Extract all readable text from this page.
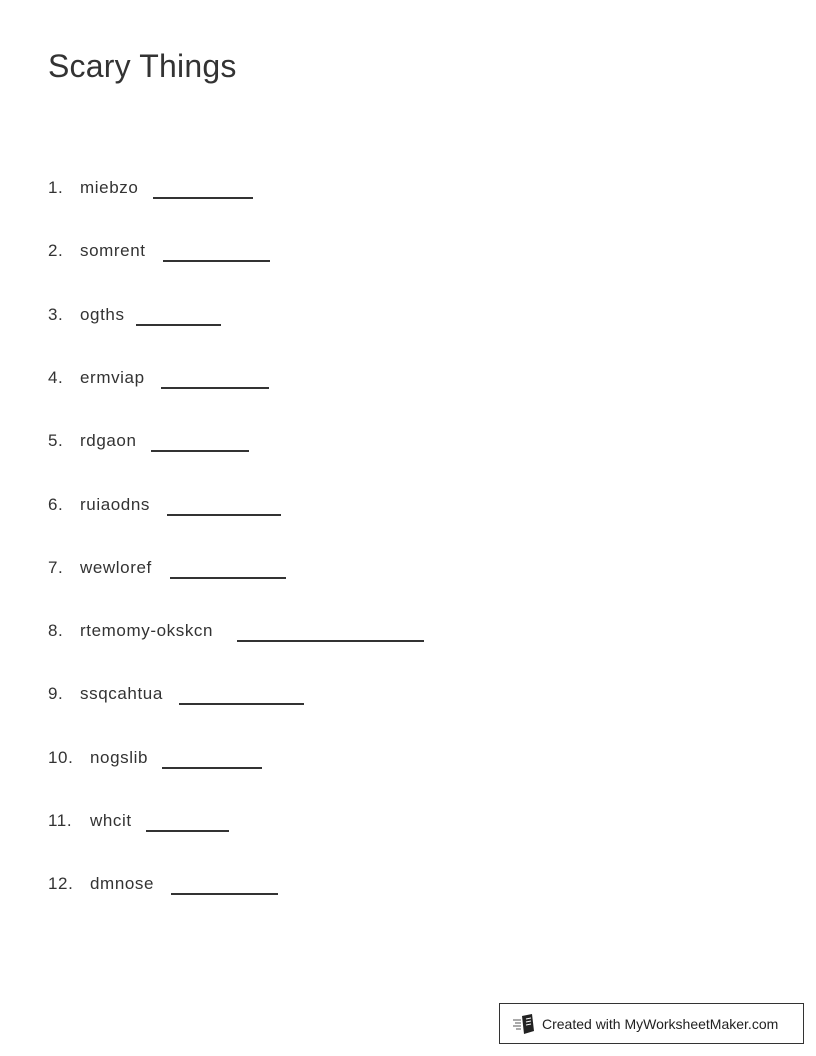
Scary Things
1. miebzo
2. somrent
3. ogths
4. ermviap
5. rdgaon
6. ruiaodns
7. wewloref
8. rtemomy-okskcn
9. ssqcahtua
10. nogslib
11. whcit
12. dmnose
Created with MyWorksheetMaker.com
